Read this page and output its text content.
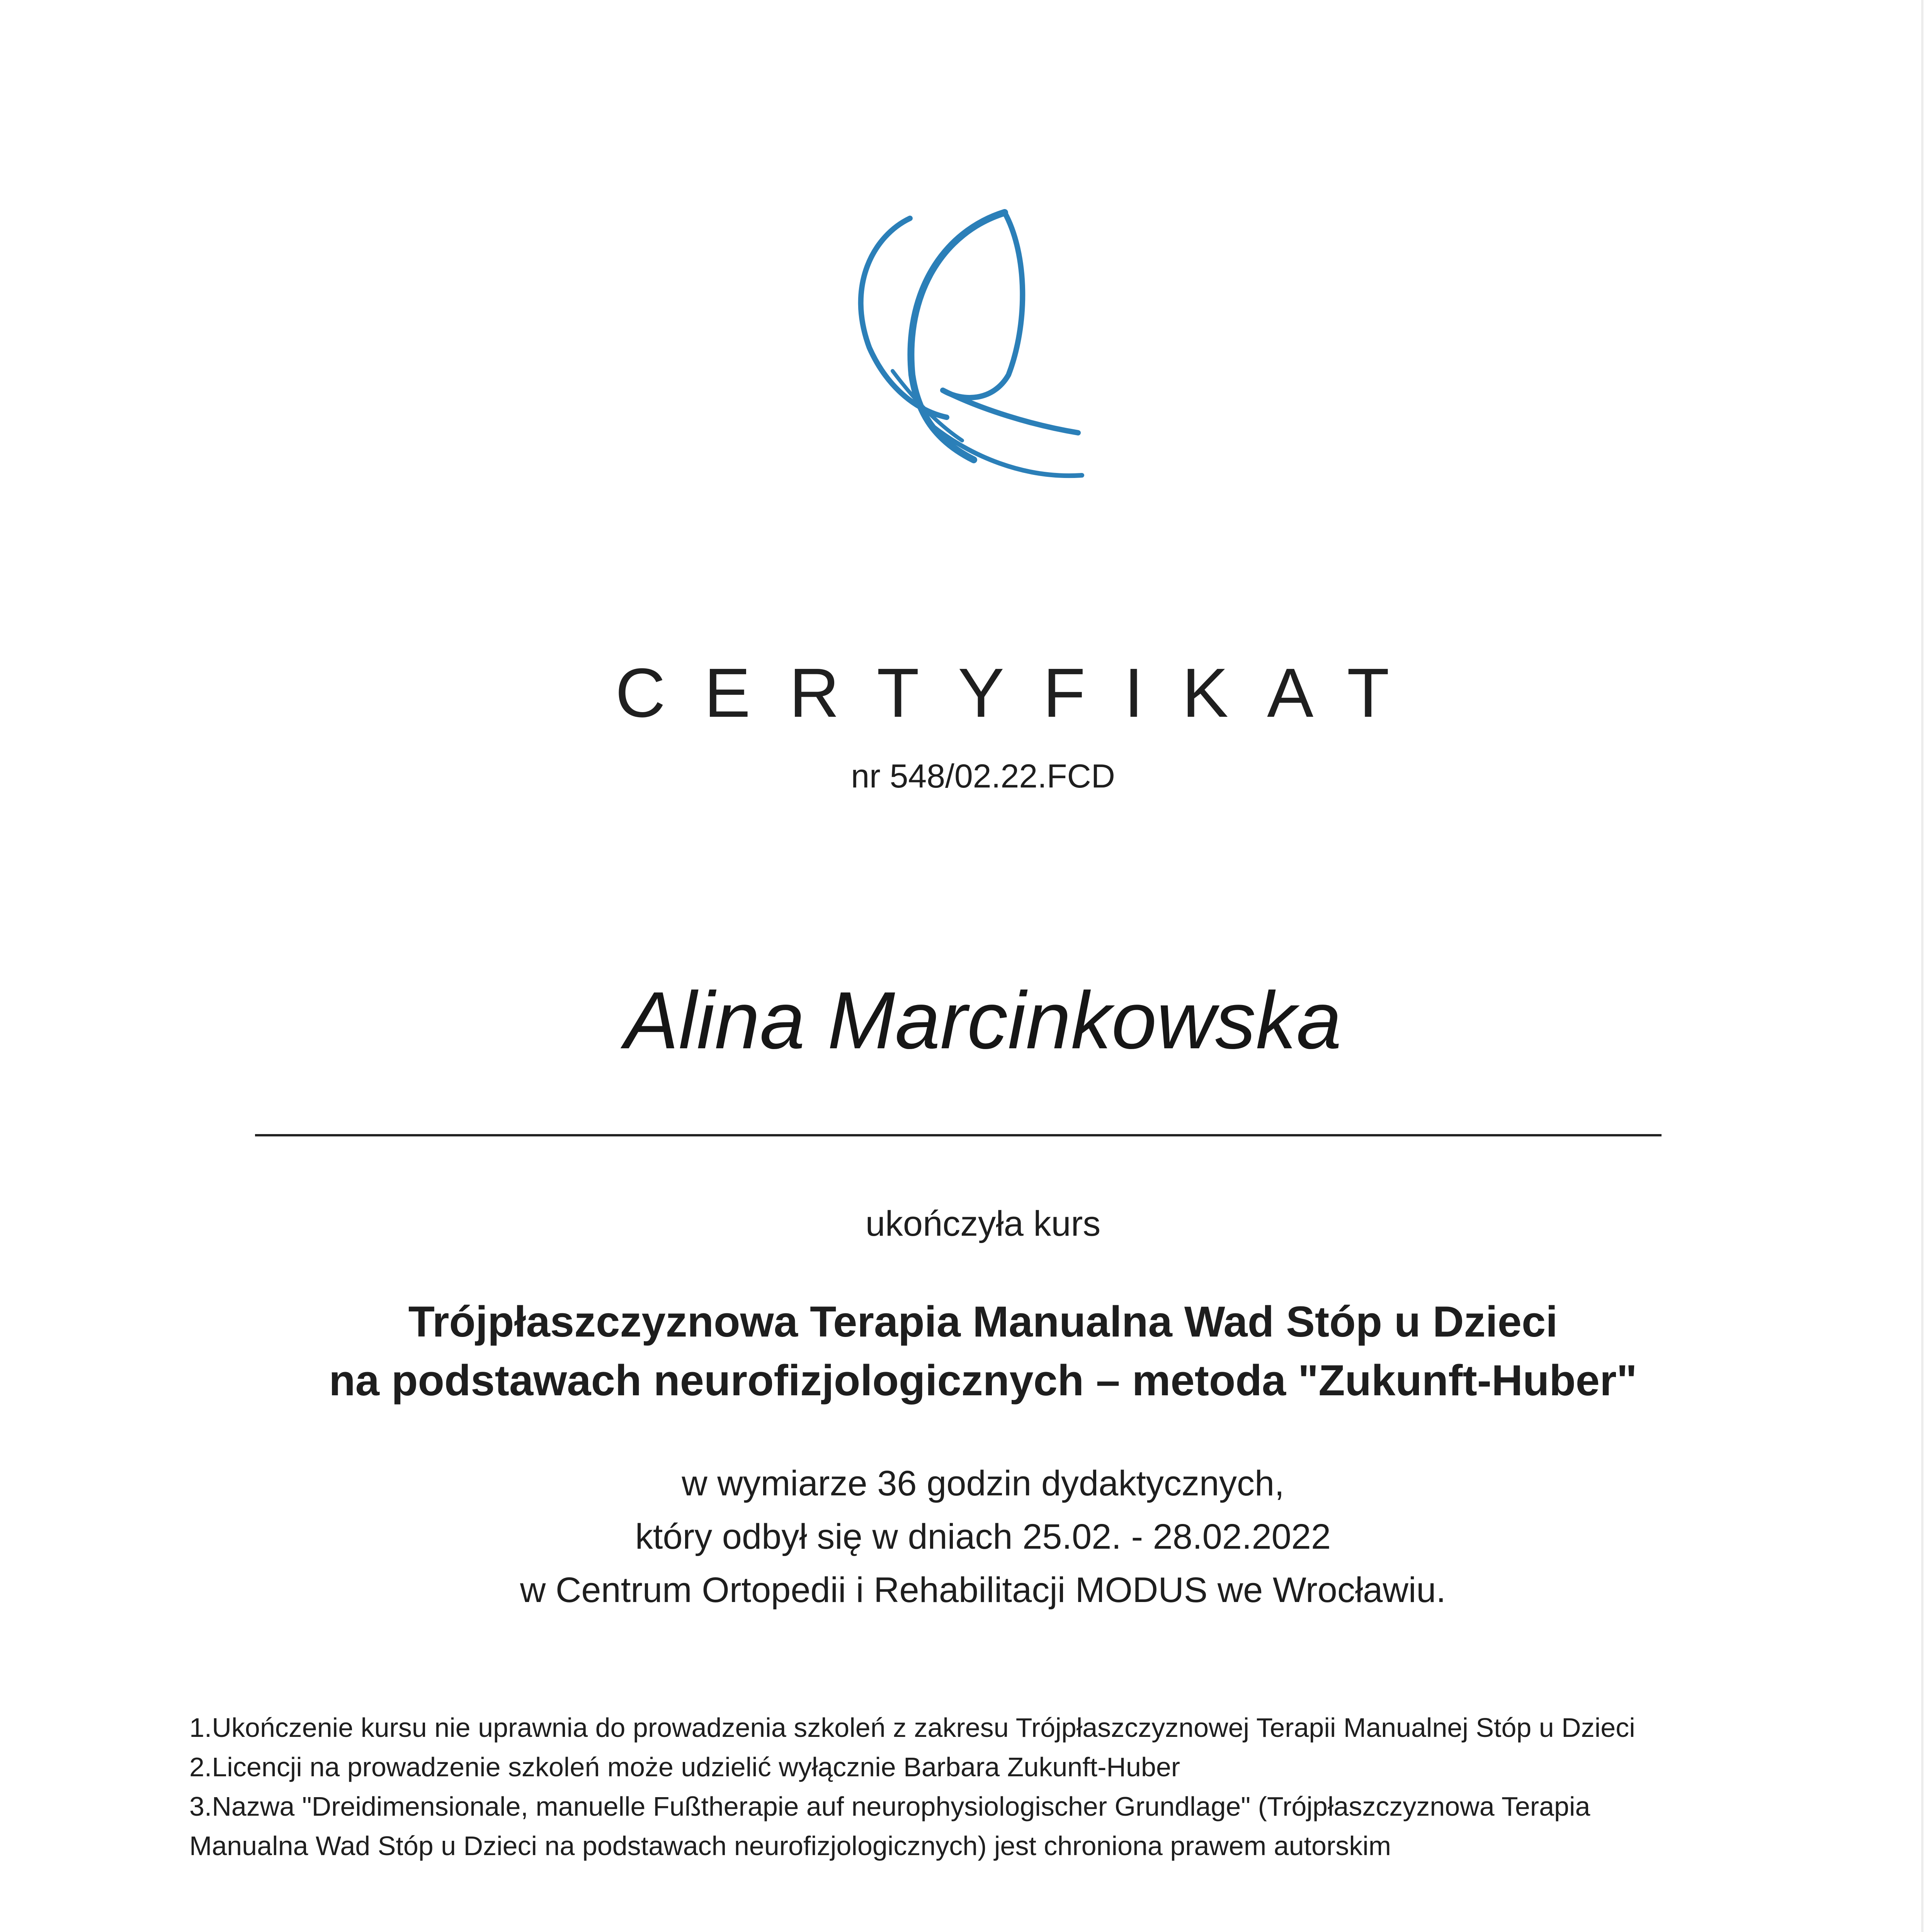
CERTYFIKAT
nr 548/02.22.FCD
Alina Marcinkowska
ukończyła kurs
Trójpłaszczyznowa Terapia Manualna Wad Stóp u Dzieci
na podstawach neurofizjologicznych – metoda "Zukunft-Huber"
w wymiarze 36 godzin dydaktycznych,
który odbył się w dniach 25.02. - 28.02.2022
w Centrum Ortopedii i Rehabilitacji MODUS we Wrocławiu.
1.Ukończenie kursu nie uprawnia do prowadzenia szkoleń z zakresu Trójpłaszczyznowej Terapii Manualnej Stóp u Dzieci
2.Licencji na prowadzenie szkoleń może udzielić wyłącznie Barbara Zukunft-Huber
3.Nazwa "Dreidimensionale, manuelle Fußtherapie auf neurophysiologischer Grundlage" (Trójpłaszczyznowa Terapia
Manualna Wad Stóp u Dzieci na podstawach neurofizjologicznych) jest chroniona prawem autorskim
